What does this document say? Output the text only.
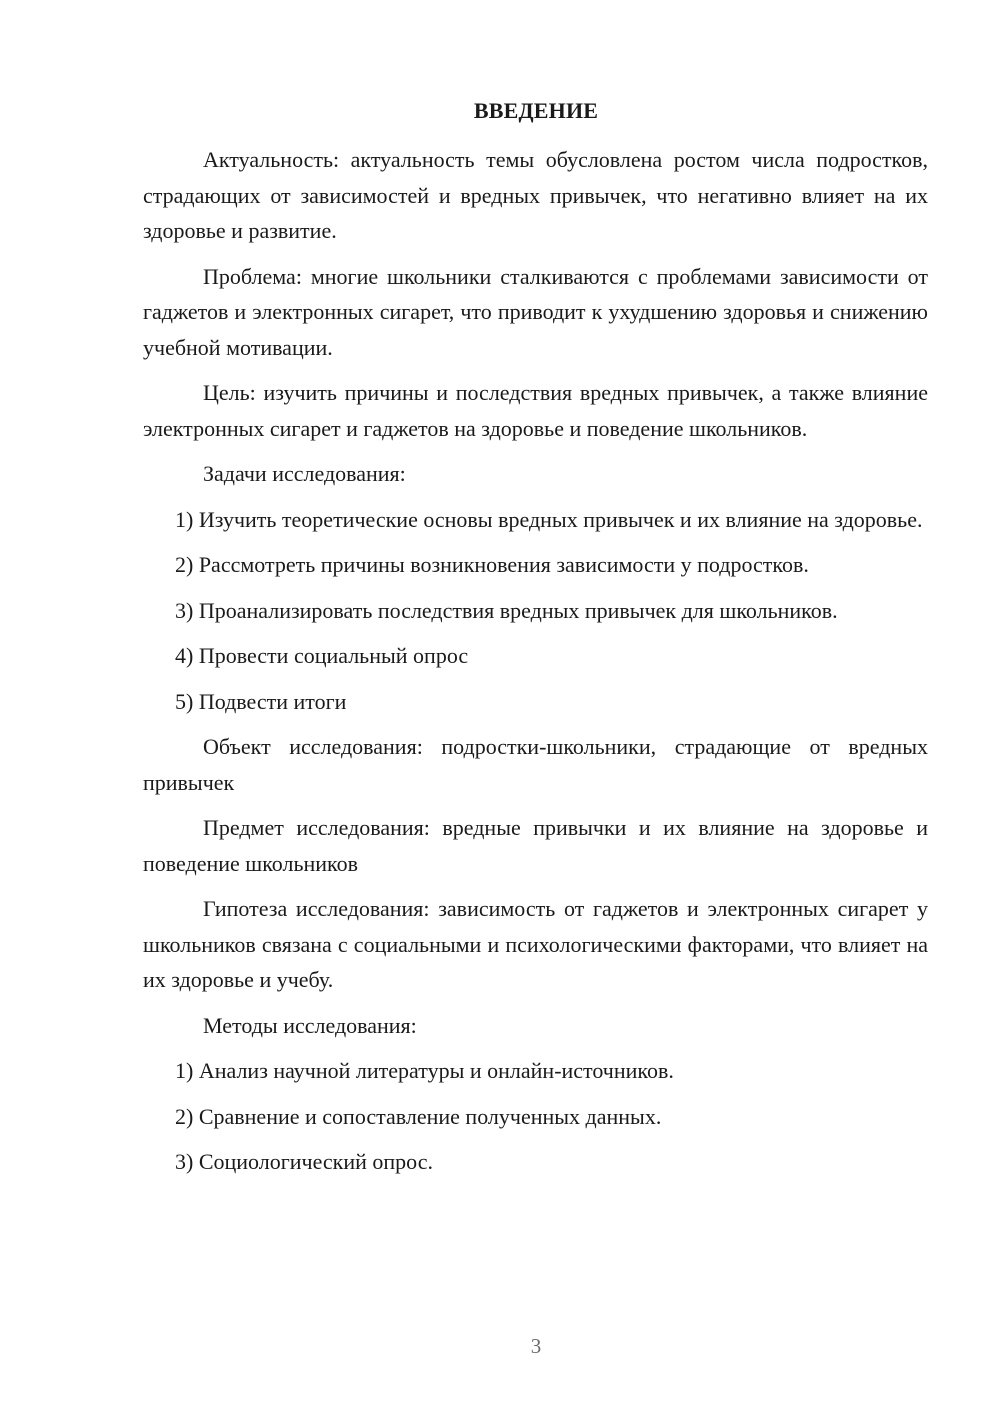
ВВЕДЕНИЕ

Актуальность: актуальность темы обусловлена ростом числа подростков, страдающих от зависимостей и вредных привычек, что негативно влияет на их здоровье и развитие.

Проблема: многие школьники сталкиваются с проблемами зависимости от гаджетов и электронных сигарет, что приводит к ухудшению здоровья и снижению учебной мотивации.

Цель: изучить причины и последствия вредных привычек, а также влияние электронных сигарет и гаджетов на здоровье и поведение школьников.

Задачи исследования:

1) Изучить теоретические основы вредных привычек и их влияние на здоровье.

2) Рассмотреть причины возникновения зависимости у подростков.

3) Проанализировать последствия вредных привычек для школьников.

4) Провести социальный опрос

5) Подвести итоги

Объект исследования: подростки-школьники, страдающие от вредных привычек

Предмет исследования: вредные привычки и их влияние на здоровье и поведение школьников

Гипотеза исследования: зависимость от гаджетов и электронных сигарет у школьников связана с социальными и психологическими факторами, что влияет на их здоровье и учебу.

Методы исследования:

1) Анализ научной литературы и онлайн-источников.

2) Сравнение и сопоставление полученных данных.

3) Социологический опрос.

3
